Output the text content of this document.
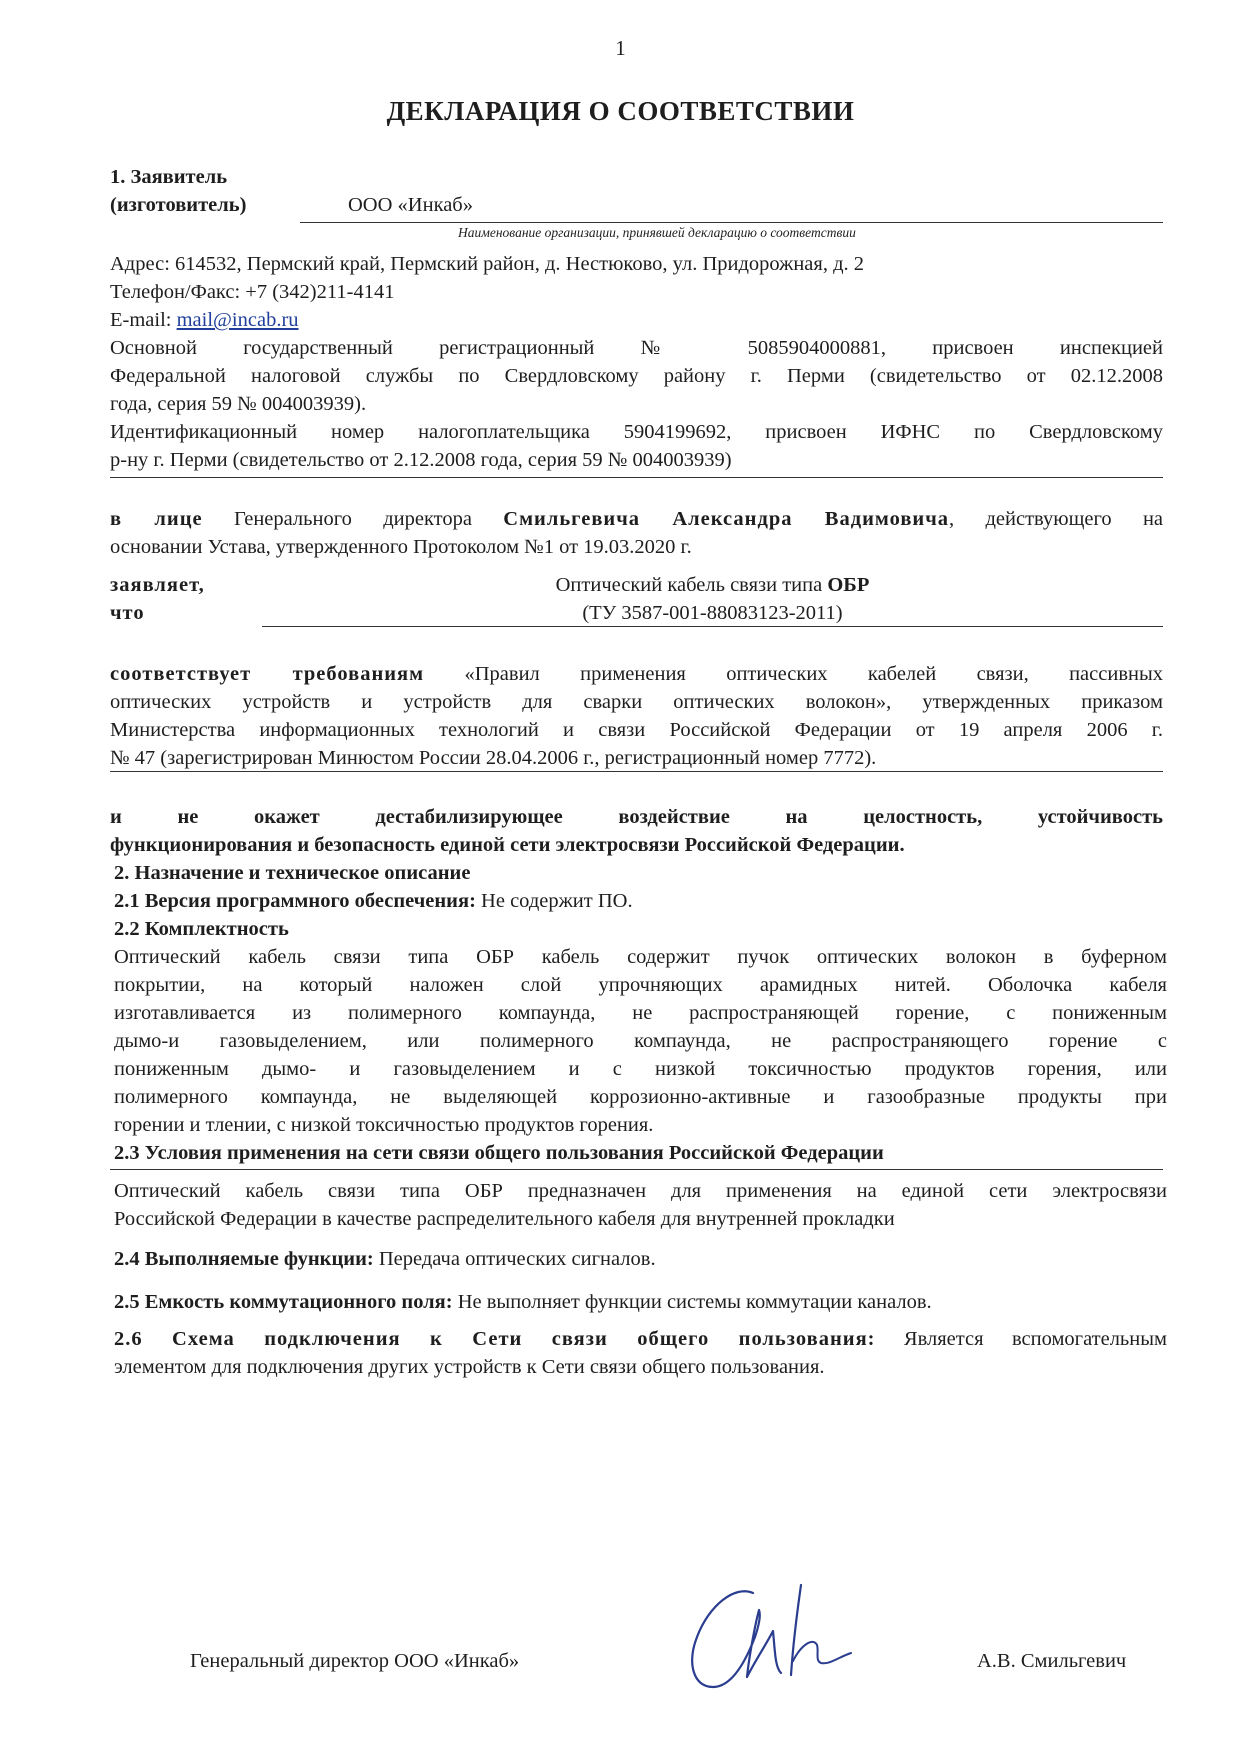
1
ДЕКЛАРАЦИЯ О СООТВЕТСТВИИ
1. Заявитель
(изготовитель)	ООО «Инкаб»
Наименование организации, принявшей декларацию о соответствии
Адрес: 614532, Пермский край, Пермский район, д. Нестюково, ул. Придорожная, д. 2
Телефон/Факс: +7 (342)211-4141
E-mail: mail@incab.ru
Основной государственный регистрационный № 5085904000881, присвоен инспекцией
Федеральной налоговой службы по Свердловскому району г. Перми (свидетельство от 02.12.2008
года, серия 59 № 004003939).
Идентификационный номер налогоплательщика 5904199692, присвоен ИФНС по Свердловскому
р-ну г. Перми (свидетельство от 2.12.2008 года, серия 59 № 004003939)
в лице Генерального директора Смильгевича Александра Вадимовича, действующего на
основании Устава, утвержденного Протоколом №1 от 19.03.2020 г.
заявляет,
что
Оптический кабель связи типа ОБР
(ТУ 3587-001-88083123-2011)
соответствует требованиям «Правил применения оптических кабелей связи, пассивных
оптических устройств и устройств для сварки оптических волокон», утвержденных приказом
Министерства информационных технологий и связи Российской Федерации от 19 апреля 2006 г.
№ 47 (зарегистрирован Минюстом России 28.04.2006 г., регистрационный номер 7772).
и не окажет дестабилизирующее воздействие на целостность, устойчивость
функционирования и безопасность единой сети электросвязи Российской Федерации.
2. Назначение и техническое описание
2.1 Версия программного обеспечения: Не содержит ПО.
2.2 Комплектность
Оптический кабель связи типа ОБР кабель содержит пучок оптических волокон в буферном
покрытии, на который наложен слой упрочняющих арамидных нитей. Оболочка кабеля
изготавливается из полимерного компаунда, не распространяющей горение, с пониженным
дымо-и газовыделением, или полимерного компаунда, не распространяющего горение с
пониженным дымо- и газовыделением и с низкой токсичностью продуктов горения, или
полимерного компаунда, не выделяющей коррозионно-активные и газообразные продукты при
горении и тлении, с низкой токсичностью продуктов горения.
2.3 Условия применения на сети связи общего пользования Российской Федерации
Оптический кабель связи типа ОБР предназначен для применения на единой сети электросвязи
Российской Федерации в качестве распределительного кабеля для внутренней прокладки
2.4 Выполняемые функции: Передача оптических сигналов.
2.5 Емкость коммутационного поля: Не выполняет функции системы коммутации каналов.
2.6 Схема подключения к Сети связи общего пользования: Является вспомогательным
элементом для подключения других устройств к Сети связи общего пользования.
Генеральный директор ООО «Инкаб»	А.В. Смильгевич
